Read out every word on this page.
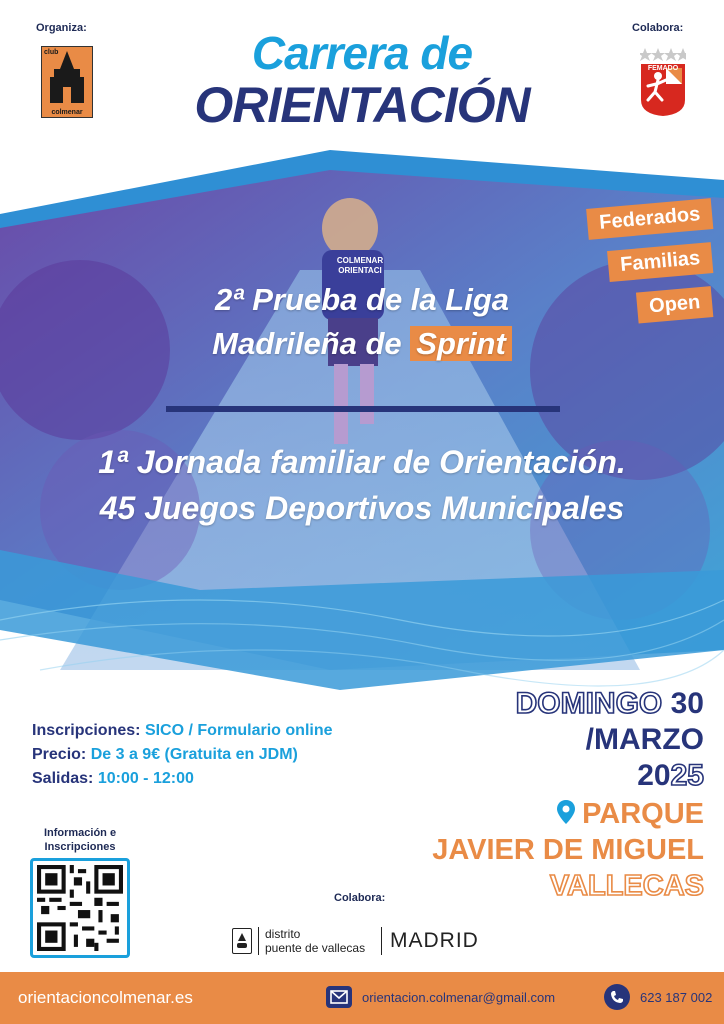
Organiza:	Colabora:
club
colmenar
FEMADO
Carrera de
ORIENTACIÓN
COLMENAR ORIENTACI
Federados
Familias
Open
2ª Prueba de la Liga
Madrileña de Sprint
1ª Jornada familiar de Orientación.
45 Juegos Deportivos Municipales
Inscripciones: SICO / Formulario online
Precio: De 3 a 9€ (Gratuita en JDM)
Salidas: 10:00 - 12:00
DOMINGO 30
/MARZO
2025
PARQUE
JAVIER DE MIGUEL
VALLECAS
Información e Inscripciones
Colabora:
distrito
puente de vallecas MADRID
orientacioncolmenar.es	orientacion.colmenar@gmail.com	623 187 002
